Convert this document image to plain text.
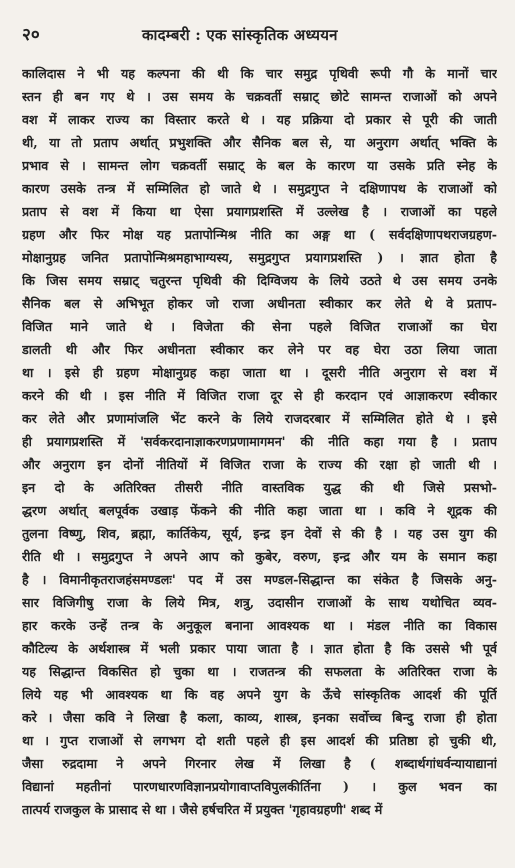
२०	कादम्बरी : एक सांस्कृतिक अध्ययन
कालिदास ने भी यह कल्पना की थी कि चार समुद्र पृथिवी रूपी गौ के मानों चार
स्तन ही बन गए थे । उस समय के चक्रवर्ती सम्राट् छोटे सामन्त राजाओं को अपने
वश में लाकर राज्य का विस्तार करते थे । यह प्रक्रिया दो प्रकार से पूरी की जाती
थी, या तो प्रताप अर्थात् प्रभुशक्ति और सैनिक बल से, या अनुराग अर्थात् भक्ति के
प्रभाव से । सामन्त लोग चक्रवर्ती सम्राट् के बल के कारण या उसके प्रति स्नेह के
कारण उसके तन्त्र में सम्मिलित हो जाते थे । समुद्रगुप्त ने दक्षिणापथ के राजाओं को
प्रताप से वश में किया था ऐसा प्रयागप्रशस्ति में उल्लेख है । राजाओं का पहले
ग्रहण और फिर मोक्ष यह प्रतापोन्मिश्र नीति का अङ्ग था ( सर्वदक्षिणापथराजग्रहण-
मोक्षानुग्रह जनित प्रतापोन्मिश्रमहाभाग्यस्य, समुद्रगुप्त प्रयागप्रशस्ति ) । ज्ञात होता है
कि जिस समय सम्राट् चतुरन्त पृथिवी की दिग्विजय के लिये उठते थे उस समय उनके
सैनिक बल से अभिभूत होकर जो राजा अधीनता स्वीकार कर लेते थे वे प्रताप-
विजित माने जाते थे । विजेता की सेना पहले विजित राजाओं का घेरा
डालती थी और फिर अधीनता स्वीकार कर लेने पर वह घेरा उठा लिया जाता
था । इसे ही ग्रहण मोक्षानुग्रह कहा जाता था । दूसरी नीति अनुराग से वश में
करने की थी । इस नीति में विजित राजा दूर से ही करदान एवं आज्ञाकरण स्वीकार
कर लेते और प्रणामांजलि भेंट करने के लिये राजदरबार में सम्मिलित होते थे । इसे
ही प्रयागप्रशस्ति में 'सर्वकरदानाज्ञाकरणप्रणामागमन' की नीति कहा गया है । प्रताप
और अनुराग इन दोनों नीतियों में विजित राजा के राज्य की रक्षा हो जाती थी ।
इन दो के अतिरिक्त तीसरी नीति वास्तविक युद्ध की थी जिसे प्रसभो-
द्धरण अर्थात् बलपूर्वक उखाड़ फेंकने की नीति कहा जाता था । कवि ने शूद्रक की
तुलना विष्णु, शिव, ब्रह्मा, कार्तिकेय, सूर्य, इन्द्र इन देवों से की है । यह उस युग की
रीति थी । समुद्रगुप्त ने अपने आप को कुबेर, वरुण, इन्द्र और यम के समान कहा
है । विमानीकृतराजहंसमण्डलः' पद में उस मण्डल-सिद्धान्त का संकेत है जिसके अनु-
सार विजिगीषु राजा के लिये मित्र, शत्रु, उदासीन राजाओं के साथ यथोचित व्यव-
हार करके उन्हें तन्त्र के अनुकूल बनाना आवश्यक था । मंडल नीति का विकास
कौटिल्य के अर्थशास्त्र में भली प्रकार पाया जाता है । ज्ञात होता है कि उससे भी पूर्व
यह सिद्धान्त विकसित हो चुका था । राजतन्त्र की सफलता के अतिरिक्त राजा के
लिये यह भी आवश्यक था कि वह अपने युग के ऊँचे सांस्कृतिक आदर्श की पूर्ति
करे । जैसा कवि ने लिखा है कला, काव्य, शास्त्र, इनका सर्वोच्च बिन्दु राजा ही होता
था । गुप्त राजाओं से लगभग दो शती पहले ही इस आदर्श की प्रतिष्ठा हो चुकी थी,
जैसा रुद्रदामा ने अपने गिरनार लेख में लिखा है ( शब्दार्थगांधर्वन्यायाद्यानां
विद्यानां महतीनां पारणधारणविज्ञानप्रयोगावाप्तविपुलकीर्तिना ) । कुल भवन का
तात्पर्य राजकुल के प्रासाद से था । जैसे हर्षचरित में प्रयुक्त 'गृहावग्रहणी' शब्द में
